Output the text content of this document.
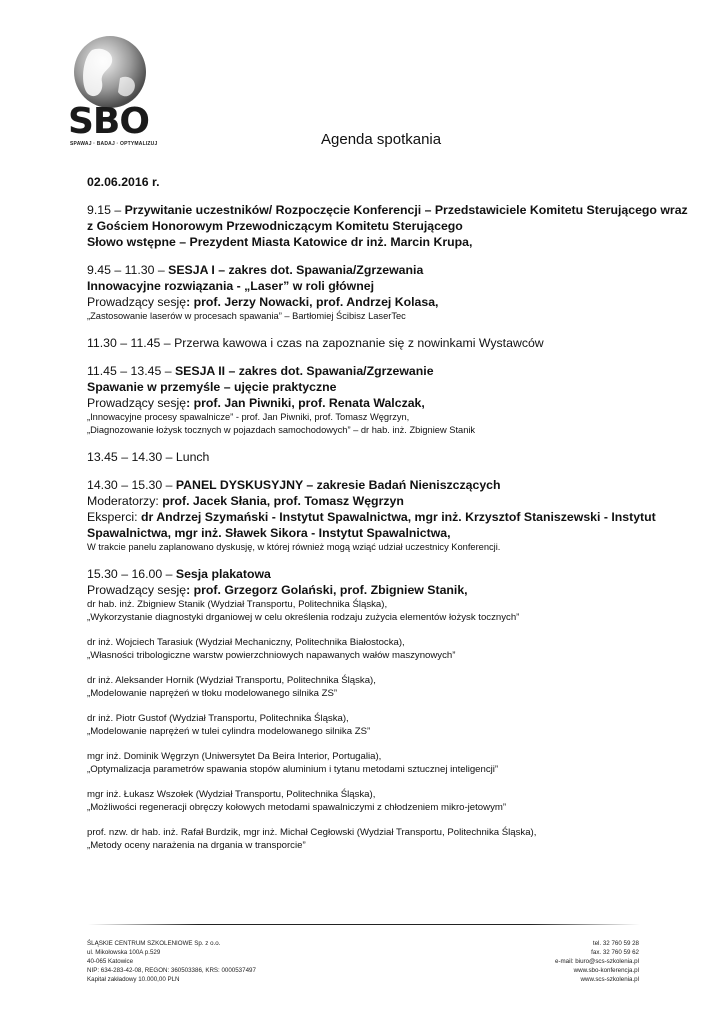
SBO
SPAWAJ · BADAJ · OPTYMALIZUJ	Agenda spotkania
02.06.2016 r.
9.15 – Przywitanie uczestników/ Rozpoczęcie Konferencji – Przedstawiciele Komitetu Sterującego wraz
z Gościem Honorowym Przewodniczącym Komitetu Sterującego
Słowo wstępne – Prezydent Miasta Katowice dr inż. Marcin Krupa,
9.45 – 11.30 – SESJA I – zakres dot. Spawania/Zgrzewania
Innowacyjne rozwiązania - „Laser” w roli głównej
Prowadzący sesję: prof. Jerzy Nowacki, prof. Andrzej Kolasa,
„Zastosowanie laserów w procesach spawania” – Bartłomiej Ścibisz LaserTec
11.30 – 11.45 – Przerwa kawowa i czas na zapoznanie się z nowinkami Wystawców
11.45 – 13.45 – SESJA II – zakres dot. Spawania/Zgrzewanie
Spawanie w przemyśle – ujęcie praktyczne
Prowadzący sesję: prof. Jan Piwniki, prof. Renata Walczak,
„Innowacyjne procesy spawalnicze” - prof. Jan Piwniki, prof. Tomasz Węgrzyn,
„Diagnozowanie łożysk tocznych w pojazdach samochodowych” – dr hab. inż. Zbigniew Stanik
13.45 – 14.30 – Lunch
14.30 – 15.30 – PANEL DYSKUSYJNY – zakresie Badań Nieniszczących
Moderatorzy: prof. Jacek Słania, prof. Tomasz Węgrzyn
Eksperci: dr Andrzej Szymański - Instytut Spawalnictwa, mgr inż. Krzysztof Staniszewski - Instytut
Spawalnictwa, mgr inż. Sławek Sikora - Instytut Spawalnictwa,
W trakcie panelu zaplanowano dyskusję, w której również mogą wziąć udział uczestnicy Konferencji.
15.30 – 16.00 – Sesja plakatowa
Prowadzący sesję: prof. Grzegorz Golański, prof. Zbigniew Stanik,
dr hab. inż. Zbigniew Stanik (Wydział Transportu, Politechnika Śląska),
„Wykorzystanie diagnostyki drganiowej w celu określenia rodzaju zużycia elementów łożysk tocznych”
dr inż. Wojciech Tarasiuk (Wydział Mechaniczny, Politechnika Białostocka),
„Własności tribologiczne warstw powierzchniowych napawanych wałów maszynowych”
dr inż. Aleksander Hornik (Wydział Transportu, Politechnika Śląska),
„Modelowanie naprężeń w tłoku modelowanego silnika ZS”
dr inż. Piotr Gustof (Wydział Transportu, Politechnika Śląska),
„Modelowanie naprężeń w tulei cylindra modelowanego silnika ZS”
mgr inż. Dominik Węgrzyn (Uniwersytet Da Beira Interior, Portugalia),
„Optymalizacja parametrów spawania stopów aluminium i tytanu metodami sztucznej inteligencji”
mgr inż. Łukasz Wszołek (Wydział Transportu, Politechnika Śląska),
„Możliwości regeneracji obręczy kołowych metodami spawalniczymi z chłodzeniem mikro-jetowym”
prof. nzw. dr hab. inż. Rafał Burdzik, mgr inż. Michał Cegłowski (Wydział Transportu, Politechnika Śląska),
„Metody oceny narażenia na drgania w transporcie”
ŚLĄSKIE CENTRUM SZKOLENIOWE Sp. z o.o.
ul. Mikołowska 100A p.529
40-065 Katowice
NIP: 634-283-42-08, REGON: 360503386, KRS: 0000537497
Kapitał zakładowy 10.000,00 PLN
tel. 32 760 59 28
fax. 32 760 59 62
e-mail: biuro@scs-szkolenia.pl
www.sbo-konferencja.pl
www.scs-szkolenia.pl
